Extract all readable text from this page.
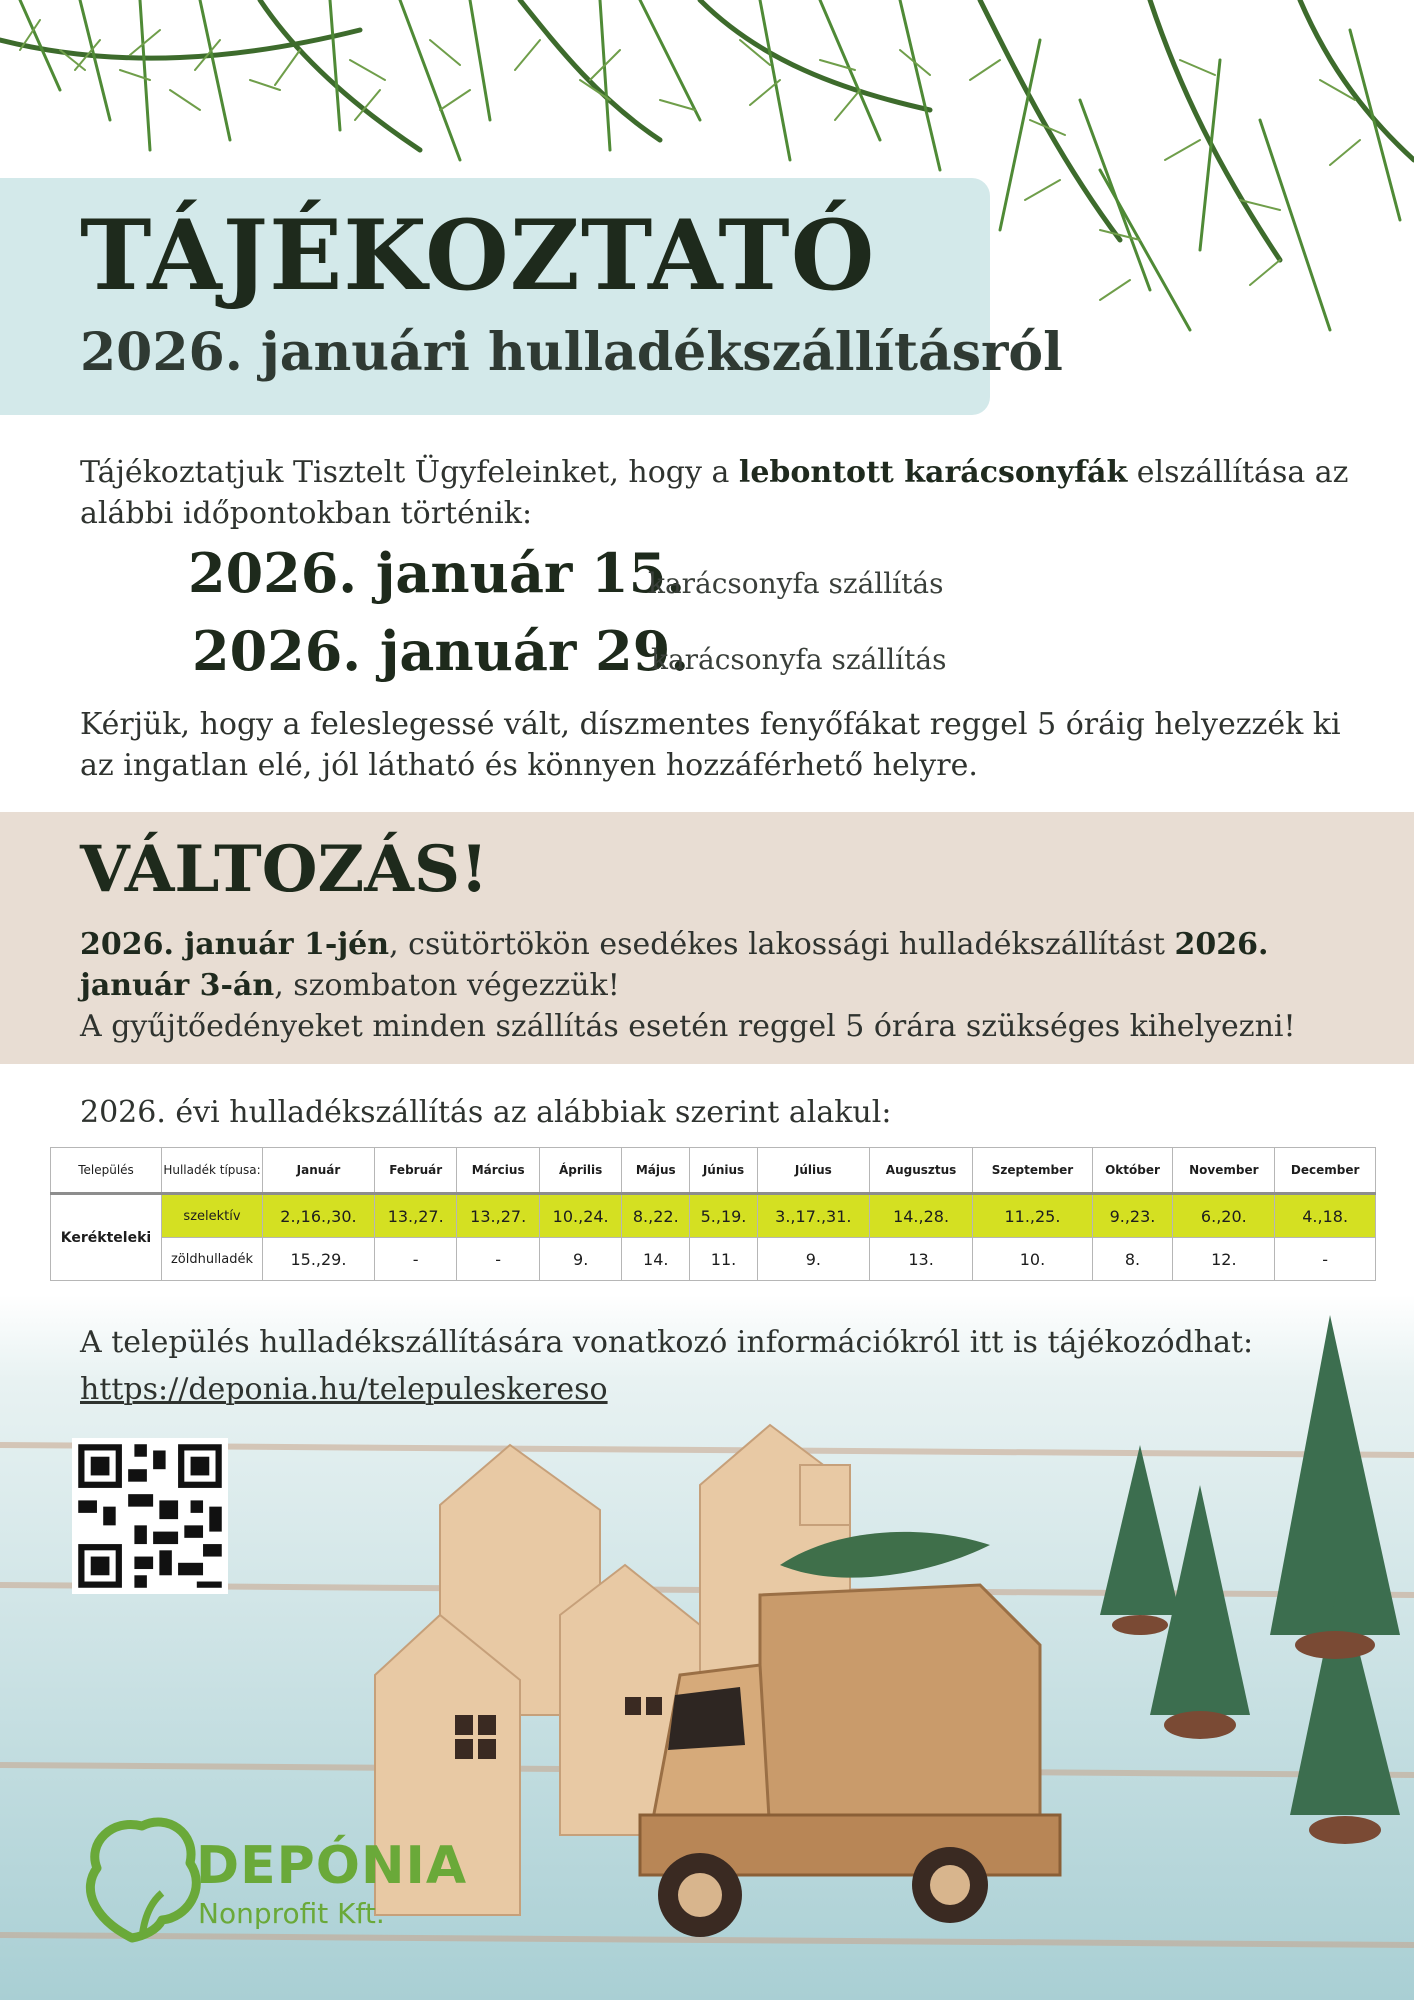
TÁJÉKOZTATÓ
2026. januári hulladékszállításról

Tájékoztatjuk Tisztelt Ügyfeleinket, hogy a lebontott karácsonyfák elszállítása az alábbi időpontokban történik:

2026. január 15.
karácsonyfa szállítás
2026. január 29.
karácsonyfa szállítás

Kérjük, hogy a feleslegessé vált, díszmentes fenyőfákat reggel 5 óráig helyezzék ki az ingatlan elé, jól látható és könnyen hozzáférhető helyre.

VÁLTOZÁS!

2026. január 1-jén, csütörtökön esedékes lakossági hulladékszállítást 2026. január 3-án, szombaton végezzük!
A gyűjtőedényeket minden szállítás esetén reggel 5 órára szükséges kihelyezni!

2026. évi hulladékszállítás az alábbiak szerint alakul:

Település	Hulladék típusa:	Január	Február	Március	Április	Május	Június	Július	Augusztus	Szeptember	Október	November	December
Kerékteleki	szelektív	2.,16.,30.	13.,27.	13.,27.	10.,24.	8.,22.	5.,19.	3.,17.,31.	14.,28.	11.,25.	9.,23.	6.,20.	4.,18.
	zöldhulladék	15.,29.	-	-	9.	14.	11.	9.	13.	10.	8.	12.	-

A település hulladékszállítására vonatkozó információkról itt is tájékozódhat:

https://deponia.hu/telepuleskereso

DEPÓNIA

Nonprofit Kft.
